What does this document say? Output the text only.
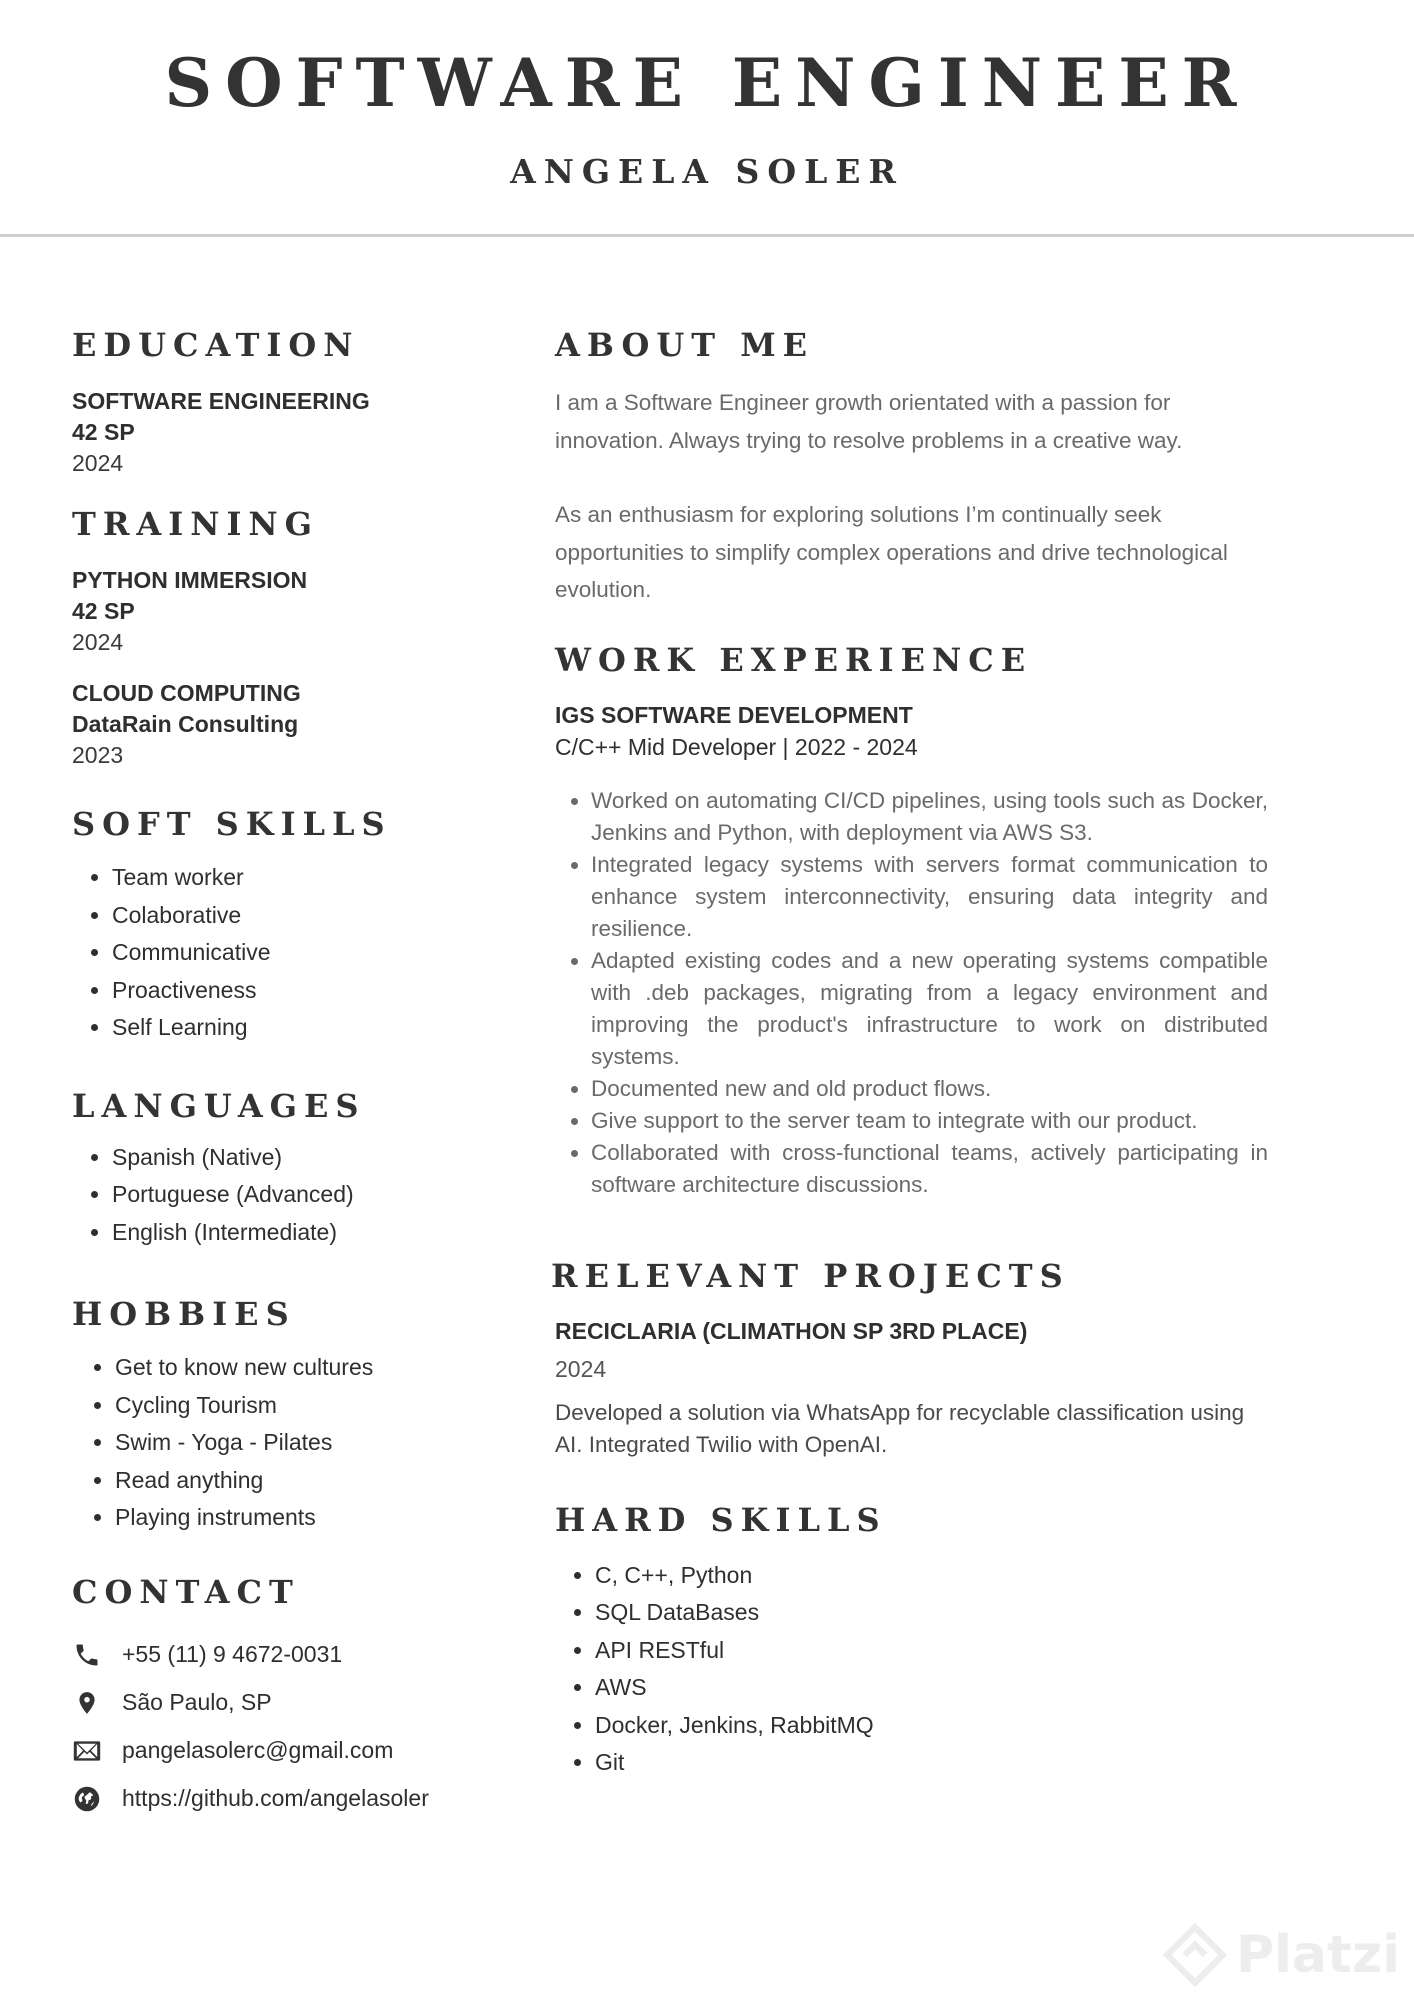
SOFTWARE ENGINEER
ANGELA SOLER
EDUCATION
SOFTWARE ENGINEERING
42 SP
2024
TRAINING
PYTHON IMMERSION
42 SP
2024
CLOUD COMPUTING
DataRain Consulting
2023
SOFT SKILLS
• Team worker
• Colaborative
• Communicative
• Proactiveness
• Self Learning
LANGUAGES
• Spanish (Native)
• Portuguese (Advanced)
• English (Intermediate)
HOBBIES
• Get to know new cultures
• Cycling Tourism
• Swim - Yoga - Pilates
• Read anything
• Playing instruments
CONTACT
+55 (11) 9 4672-0031
São Paulo, SP
pangelasolerc@gmail.com
https://github.com/angelasoler
ABOUT ME

I am a Software Engineer growth orientated with a passion for innovation. Always trying to resolve problems in a creative way.

As an enthusiasm for exploring solutions I’m continually seek opportunities to simplify complex operations and drive technological evolution.

WORK EXPERIENCE
IGS SOFTWARE DEVELOPMENT
C/C++ Mid Developer | 2022 - 2024
• Worked on automating CI/CD pipelines, using tools such as Docker, Jenkins and Python, with deployment via AWS S3.
• Integrated legacy systems with servers format communication to enhance system interconnectivity, ensuring data integrity and resilience.
• Adapted existing codes and a new operating systems compatible with .deb packages, migrating from a legacy environment and improving the product's infrastructure to work on distributed systems.
• Documented new and old product flows.
• Give support to the server team to integrate with our product.
• Collaborated with cross-functional teams, actively participating in software architecture discussions.
RELEVANT PROJECTS
RECICLARIA (CLIMATHON SP 3RD PLACE)
2024

Developed a solution via WhatsApp for recyclable classification using AI. Integrated Twilio with OpenAI.

HARD SKILLS
• C, C++, Python
• SQL DataBases
• API RESTful
• AWS
• Docker, Jenkins, RabbitMQ
• Git
Platzi
